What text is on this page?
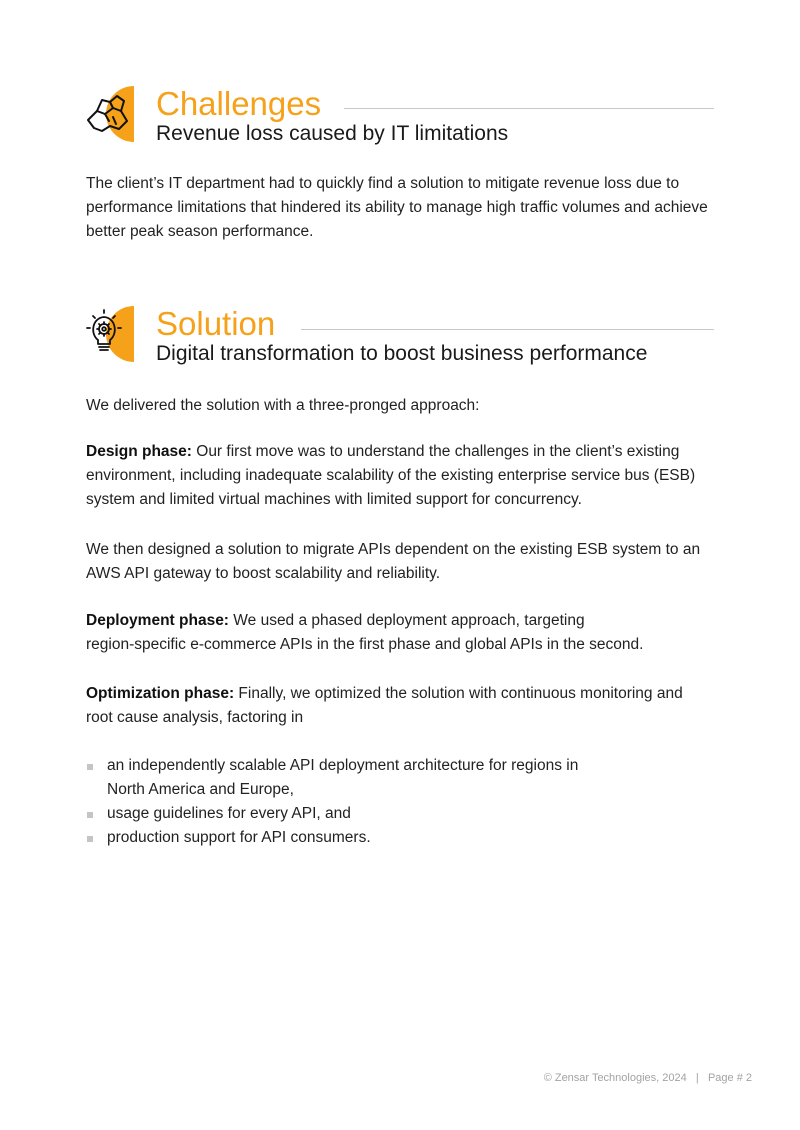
Challenges
Revenue loss caused by IT limitations

The client’s IT department had to quickly find a solution to mitigate revenue loss due to performance limitations that hindered its ability to manage high traffic volumes and achieve better peak season performance.

Solution
Digital transformation to boost business performance

We delivered the solution with a three-pronged approach:

Design phase: Our first move was to understand the challenges in the client’s existing environment, including inadequate scalability of the existing enterprise service bus (ESB) system and limited virtual machines with limited support for concurrency.

We then designed a solution to migrate APIs dependent on the existing ESB system to an AWS API gateway to boost scalability and reliability.

Deployment phase: We used a phased deployment approach, targeting
region-specific e-commerce APIs in the first phase and global APIs in the second.

Optimization phase: Finally, we optimized the solution with continuous monitoring and root cause analysis, factoring in

an independently scalable API deployment architecture for regions in
North America and Europe,
usage guidelines for every API, and
production support for API consumers.
© Zensar Technologies, 2024 | Page # 2
